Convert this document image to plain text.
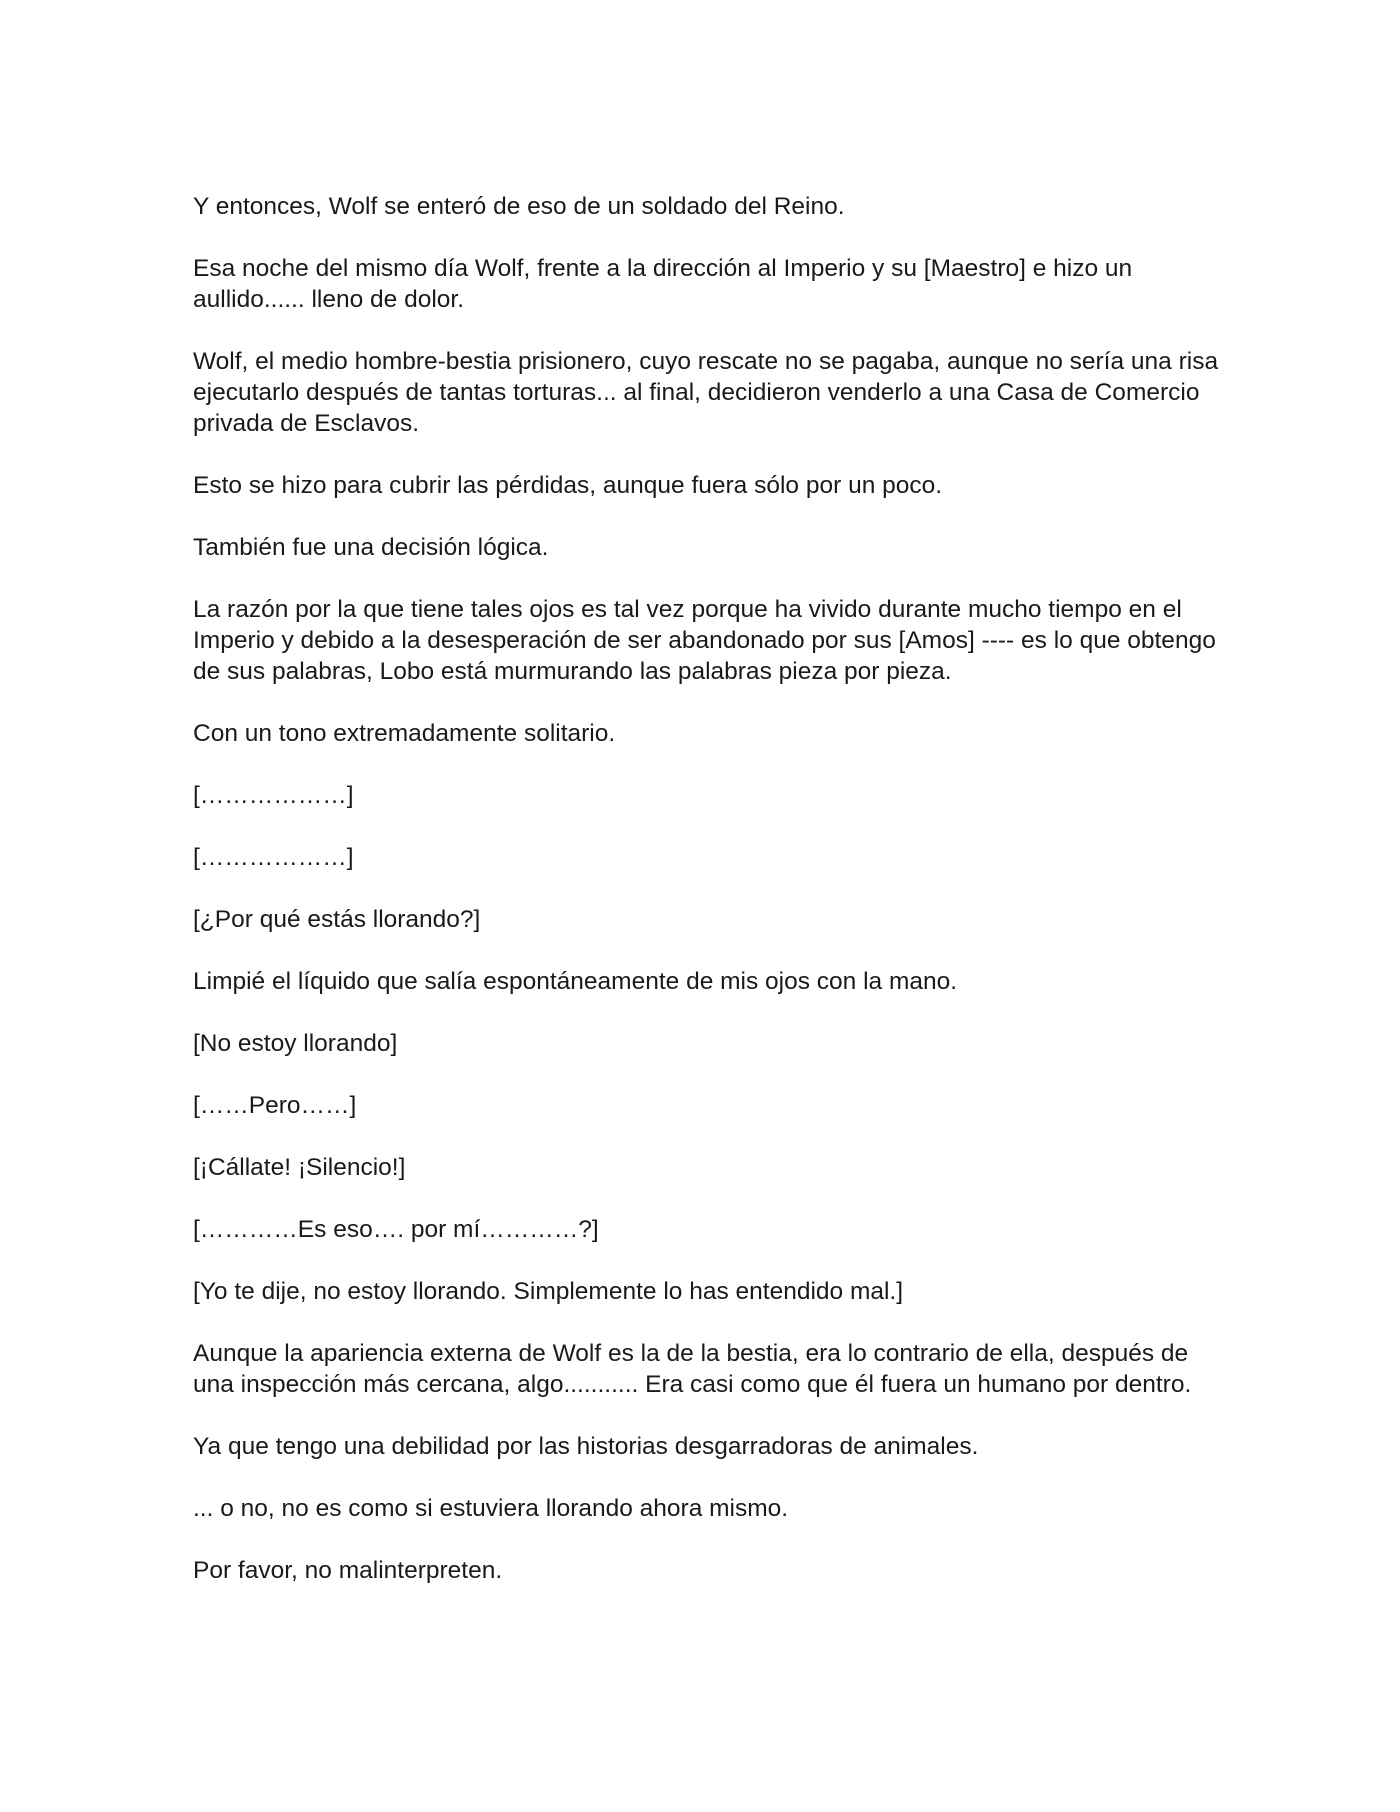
Y entonces, Wolf se enteró de eso de un soldado del Reino.

Esa noche del mismo día Wolf, frente a la dirección al Imperio y su [Maestro] e hizo un aullido...... lleno de dolor.

Wolf, el medio hombre-bestia prisionero, cuyo rescate no se pagaba, aunque no sería una risa ejecutarlo después de tantas torturas... al final, decidieron venderlo a una Casa de Comercio privada de Esclavos.

Esto se hizo para cubrir las pérdidas, aunque fuera sólo por un poco.

También fue una decisión lógica.

La razón por la que tiene tales ojos es tal vez porque ha vivido durante mucho tiempo en el Imperio y debido a la desesperación de ser abandonado por sus [Amos] ---- es lo que obtengo de sus palabras, Lobo está murmurando las palabras pieza por pieza.

Con un tono extremadamente solitario.

[………………]

[………………]

[¿Por qué estás llorando?]

Limpié el líquido que salía espontáneamente de mis ojos con la mano.

[No estoy llorando]

[……Pero……]

[¡Cállate! ¡Silencio!]

[…………Es eso…. por mí…………?]

[Yo te dije, no estoy llorando. Simplemente lo has entendido mal.]

Aunque la apariencia externa de Wolf es la de la bestia, era lo contrario de ella, después de una inspección más cercana, algo........... Era casi como que él fuera un humano por dentro.

Ya que tengo una debilidad por las historias desgarradoras de animales.

... o no, no es como si estuviera llorando ahora mismo.

Por favor, no malinterpreten.
